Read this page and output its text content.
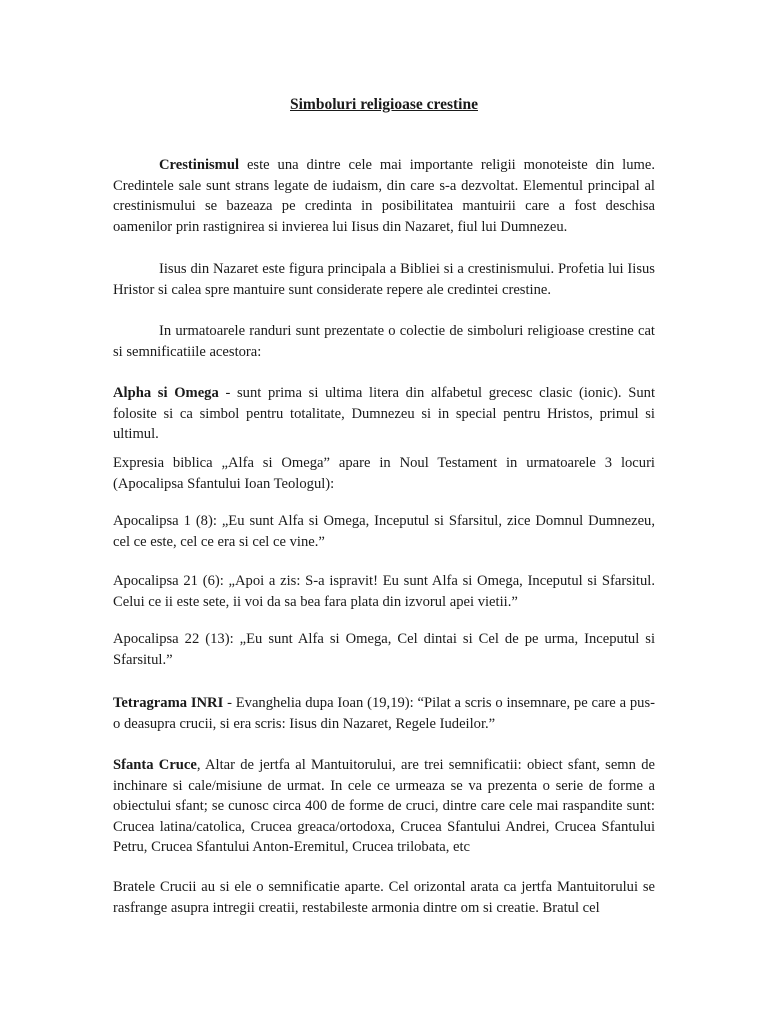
Simboluri religioase crestine

Crestinismul este una dintre cele mai importante religii monoteiste din lume. Credintele sale sunt strans legate de iudaism, din care s-a dezvoltat. Elementul principal al crestinismului se bazeaza pe credinta in posibilitatea mantuirii care a fost deschisa oamenilor prin rastignirea si invierea lui Iisus din Nazaret, fiul lui Dumnezeu.

Iisus din Nazaret este figura principala a Bibliei si a crestinismului. Profetia lui Iisus Hristor si calea spre mantuire sunt considerate repere ale credintei crestine.

In urmatoarele randuri sunt prezentate o colectie de simboluri religioase crestine cat si semnificatiile acestora:

Alpha si Omega - sunt prima si ultima litera din alfabetul grecesc clasic (ionic). Sunt folosite si ca simbol pentru totalitate, Dumnezeu si in special pentru Hristos, primul si ultimul.

Expresia biblica „Alfa si Omega” apare in Noul Testament in urmatoarele 3 locuri (Apocalipsa Sfantului Ioan Teologul):

Apocalipsa 1 (8): „Eu sunt Alfa si Omega, Inceputul si Sfarsitul, zice Domnul Dumnezeu, cel ce este, cel ce era si cel ce vine.”

Apocalipsa 21 (6): „Apoi a zis: S-a ispravit! Eu sunt Alfa si Omega, Inceputul si Sfarsitul. Celui ce ii este sete, ii voi da sa bea fara plata din izvorul apei vietii.”

Apocalipsa 22 (13): „Eu sunt Alfa si Omega, Cel dintai si Cel de pe urma, Inceputul si Sfarsitul.”

Tetragrama INRI - Evanghelia dupa Ioan (19,19): “Pilat a scris o insemnare, pe care a pus-o deasupra crucii, si era scris: Iisus din Nazaret, Regele Iudeilor.”

Sfanta Cruce, Altar de jertfa al Mantuitorului, are trei semnificatii: obiect sfant, semn de inchinare si cale/misiune de urmat. In cele ce urmeaza se va prezenta o serie de forme a obiectului sfant; se cunosc circa 400 de forme de cruci, dintre care cele mai raspandite sunt: Crucea latina/catolica, Crucea greaca/ortodoxa, Crucea Sfantului Andrei, Crucea Sfantului Petru, Crucea Sfantului Anton-Eremitul, Crucea trilobata, etc

Bratele Crucii au si ele o semnificatie aparte. Cel orizontal arata ca jertfa Mantuitorului se rasfrange asupra intregii creatii, restabileste armonia dintre om si creatie. Bratul cel
